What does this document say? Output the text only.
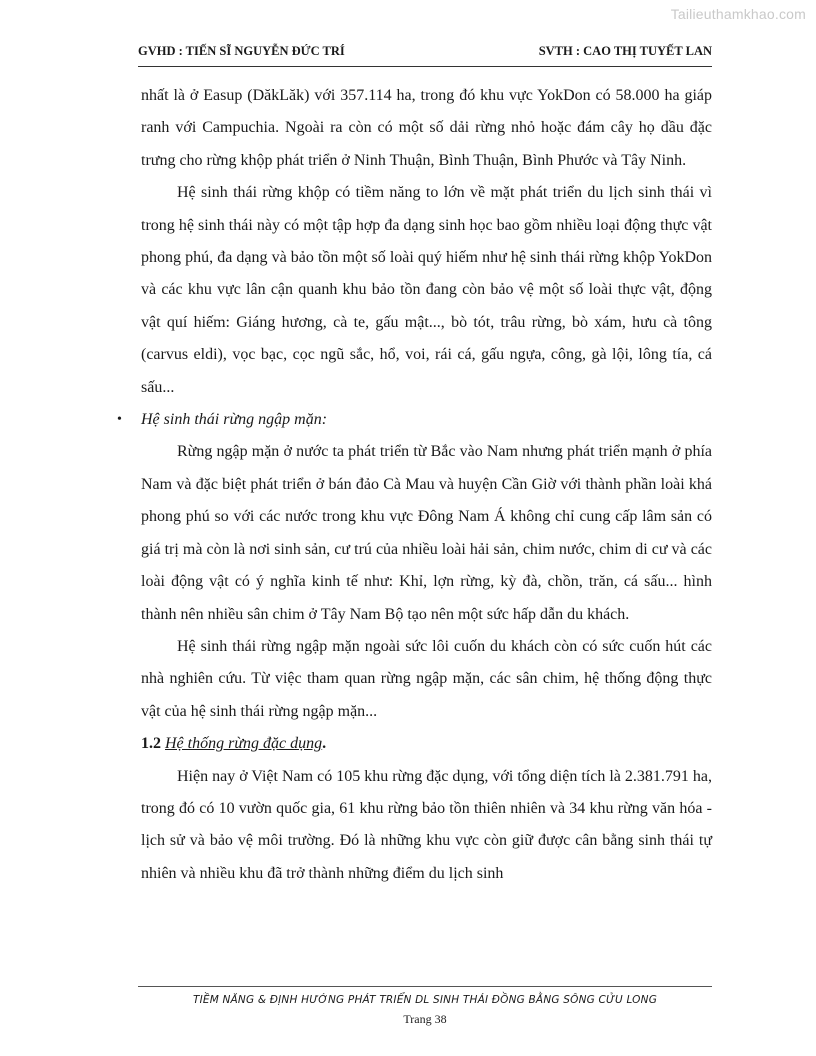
Tailieuthamkhao.com
GVHD : TIẾN SĨ NGUYỄN ĐỨC TRÍ	SVTH : CAO THỊ TUYẾT LAN

nhất là ở Easup (DăkLăk) với 357.114 ha, trong đó khu vực YokDon có 58.000 ha giáp ranh với Campuchia. Ngoài ra còn có một số dải rừng nhỏ hoặc đám cây họ dầu đặc trưng cho rừng khộp phát triển ở Ninh Thuận, Bình Thuận, Bình Phước và Tây Ninh.

Hệ sinh thái rừng khộp có tiềm năng to lớn về mặt phát triển du lịch sinh thái vì trong hệ sinh thái này có một tập hợp đa dạng sinh học bao gồm nhiều loại động thực vật phong phú, đa dạng và bảo tồn một số loài quý hiếm như hệ sinh thái rừng khộp YokDon và các khu vực lân cận quanh khu bảo tồn đang còn bảo vệ một số loài thực vật, động vật quí hiếm: Giáng hương, cà te, gấu mật..., bò tót, trâu rừng, bò xám, hưu cà tông (carvus eldi), vọc bạc, cọc ngũ sắc, hổ, voi, rái cá, gấu ngựa, công, gà lội, lông tía, cá sấu...

• Hệ sinh thái rừng ngập mặn:

Rừng ngập mặn ở nước ta phát triển từ Bắc vào Nam nhưng phát triển mạnh ở phía Nam và đặc biệt phát triển ở bán đảo Cà Mau và huyện Cần Giờ với thành phần loài khá phong phú so với các nước trong khu vực Đông Nam Á không chỉ cung cấp lâm sản có giá trị mà còn là nơi sinh sản, cư trú của nhiều loài hải sản, chim nước, chim di cư và các loài động vật có ý nghĩa kinh tế như: Khỉ, lợn rừng, kỳ đà, chồn, trăn, cá sấu... hình thành nên nhiều sân chim ở Tây Nam Bộ tạo nên một sức hấp dẫn du khách.

Hệ sinh thái rừng ngập mặn ngoài sức lôi cuốn du khách còn có sức cuốn hút các nhà nghiên cứu. Từ việc tham quan rừng ngập mặn, các sân chim, hệ thống động thực vật của hệ sinh thái rừng ngập mặn...

1.2 Hệ thống rừng đặc dụng.

Hiện nay ở Việt Nam có 105 khu rừng đặc dụng, với tổng diện tích là 2.381.791 ha, trong đó có 10 vườn quốc gia, 61 khu rừng bảo tồn thiên nhiên và 34 khu rừng văn hóa - lịch sử và bảo vệ môi trường. Đó là những khu vực còn giữ được cân bằng sinh thái tự nhiên và nhiều khu đã trở thành những điểm du lịch sinh

TIỀM NĂNG & ĐỊNH HƯỚNG PHÁT TRIỂN DL SINH THÁI ĐỒNG BẰNG SÔNG CỬU LONG
Trang 38
